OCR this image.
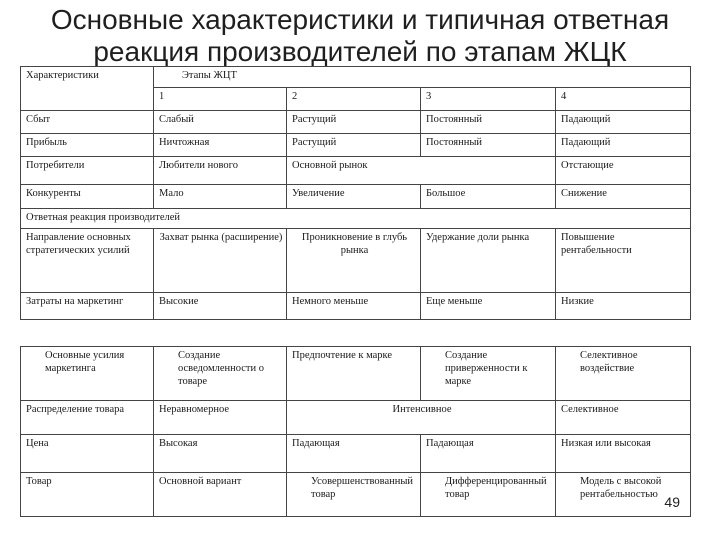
Основные характеристики и типичная ответная реакция производителей по этапам ЖЦК
Характеристики	Этапы ЖЦТ			
	1	2	3	4
Сбыт	Слабый	Растущий	Постоянный	Падающий
Прибыль	Ничтожная	Растущий	Постоянный	Падающий
Потребители	Любители нового	Основной рынок		Отстающие
Конкуренты	Мало	Увеличение	Большое	Снижение
Ответная реакция производителей				

Направление основных стратегических усилий	Захват рынка (расширение)	Проникновение в глубь рынка	Удержание доли рынка	Повышение рентабельности
Затраты на маркетинг	Высокие	Немного меньше	Еще меньше	Низкие
Основные усилия маркетинга	Создание осведомленности о товаре	Предпочтение к марке	Создание приверженности к марке	Селективное воздействие
Распределение товара	Неравномерное	Интенсивное		Селективное
Цена	Высокая	Падающая	Падающая	Низкая или высокая
Товар	Основной вариант	Усовершенствованный товар	Дифференцированный товар	Модель с высокой рентабельностью 49
